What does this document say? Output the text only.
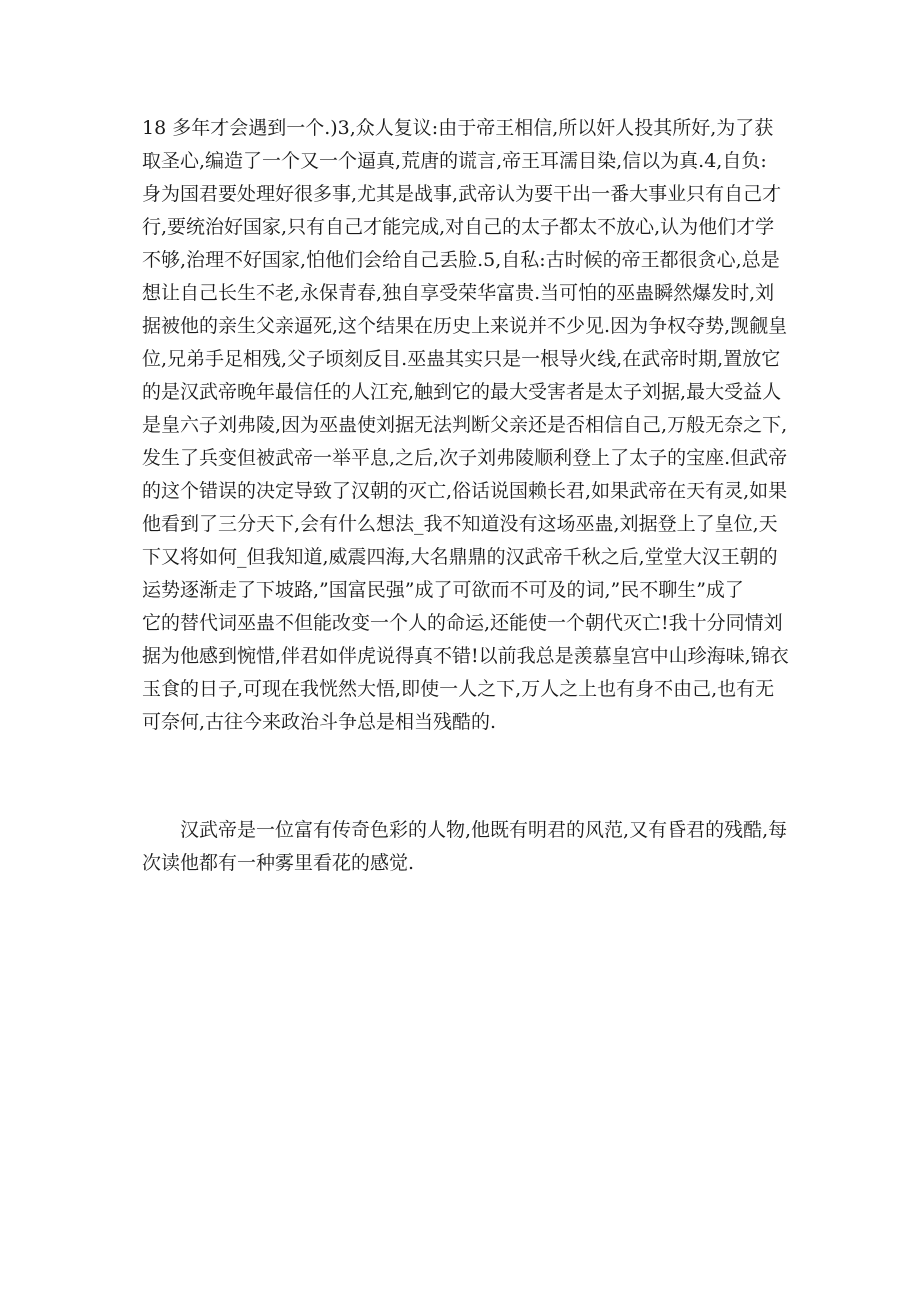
18 多年才会遇到一个.)3,众人复议:由于帝王相信,所以奸人投其所好,为了获
取圣心,编造了一个又一个逼真,荒唐的谎言,帝王耳濡目染,信以为真.4,自负:
身为国君要处理好很多事,尤其是战事,武帝认为要干出一番大事业只有自己才
行,要统治好国家,只有自己才能完成,对自己的太子都太不放心,认为他们才学
不够,治理不好国家,怕他们会给自己丢脸.5,自私:古时候的帝王都很贪心,总是
想让自己长生不老,永保青春,独自享受荣华富贵.当可怕的巫蛊瞬然爆发时,刘
据被他的亲生父亲逼死,这个结果在历史上来说并不少见.因为争权夺势,觊觎皇
位,兄弟手足相残,父子顷刻反目.巫蛊其实只是一根导火线,在武帝时期,置放它
的是汉武帝晚年最信任的人江充,触到它的最大受害者是太子刘据,最大受益人
是皇六子刘弗陵,因为巫蛊使刘据无法判断父亲还是否相信自己,万般无奈之下,
发生了兵变但被武帝一举平息,之后,次子刘弗陵顺利登上了太子的宝座.但武帝
的这个错误的决定导致了汉朝的灭亡,俗话说国赖长君,如果武帝在天有灵,如果
他看到了三分天下,会有什么想法_我不知道没有这场巫蛊,刘据登上了皇位,天
下又将如何_但我知道,威震四海,大名鼎鼎的汉武帝千秋之后,堂堂大汉王朝的
运势逐渐走了下坡路,”国富民强”成了可欲而不可及的词,”民不聊生”成了
它的替代词巫蛊不但能改变一个人的命运,还能使一个朝代灭亡!我十分同情刘
据为他感到惋惜,伴君如伴虎说得真不错!以前我总是羡慕皇宫中山珍海味,锦衣
玉食的日子,可现在我恍然大悟,即使一人之下,万人之上也有身不由己,也有无
可奈何,古往今来政治斗争总是相当残酷的.
　　汉武帝是一位富有传奇色彩的人物,他既有明君的风范,又有昏君的残酷,每
次读他都有一种雾里看花的感觉.
